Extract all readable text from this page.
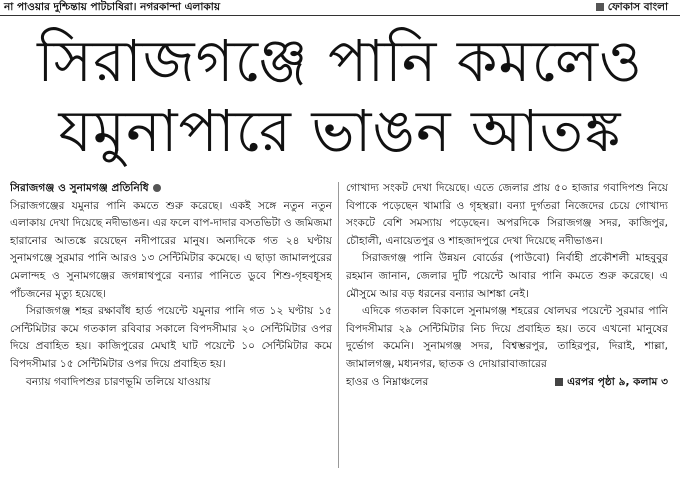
না পাওয়ার দুশ্চিন্তায় পাটচাষিরা। নগরকান্দা এলাকায়	ফোকাস বাংলা
সিরাজগঞ্জে পানি কমলেও
যমুনাপারে ভাঙন আতঙ্ক

সিরাজগঞ্জ ও সুনামগঞ্জ প্রতিনিধি

সিরাজগঞ্জের যমুনার পানি কমতে শুরু করেছে। একই সঙ্গে নতুন নতুন এলাকায় দেখা দিয়েছে নদীভাঙন। এর ফলে বাপ-দাদার বসতভিটা ও জমিজমা হারানোর আতঙ্কে রয়েছেন নদীপারের মানুষ। অন্যদিকে গত ২৪ ঘণ্টায় সুনামগঞ্জে সুরমার পানি আরও ১৩ সেন্টিমিটার কমেছে। এ ছাড়া জামালপুরের মেলান্দহ ও সুনামগঞ্জের জগন্নাথপুরে বন্যার পানিতে ডুবে শিশু-গৃহবধূসহ পাঁচজনের মৃত্যু হয়েছে।

সিরাজগঞ্জ শহর রক্ষাবাঁধ হার্ড পয়েন্টে যমুনার পানি গত ১২ ঘণ্টায় ১৫ সেন্টিমিটার কমে গতকাল রবিবার সকালে বিপদসীমার ২০ সেন্টিমিটার ওপর দিয়ে প্রবাহিত হয়। কাজিপুরের মেঘাই ঘাট পয়েন্টে ১০ সেন্টিমিটার কমে বিপদসীমার ১৫ সেন্টিমিটার ওপর দিয়ে প্রবাহিত হয়।

বন্যায় গবাদিপশুর চারণভূমি তলিয়ে যাওয়ায়

গোখাদ্য সংকট দেখা দিয়েছে। এতে জেলার প্রায় ৫০ হাজার গবাদিপশু নিয়ে বিপাকে পড়েছেন খামারি ও গৃহস্থরা। বন্যা দুর্গতরা নিজেদের চেয়ে গোখাদ্য সংকটে বেশি সমস্যায় পড়েছেন। অপরদিকে সিরাজগঞ্জ সদর, কাজিপুর, চৌহালী, এনায়েতপুর ও শাহজাদপুরে দেখা দিয়েছে নদীভাঙন।

সিরাজগঞ্জ পানি উন্নয়ন বোর্ডের (পাউবো) নির্বাহী প্রকৌশলী মাহবুবুর রহমান জানান, জেলার দুটি পয়েন্টে আবার পানি কমতে শুরু করেছে। এ মৌসুমে আর বড় ধরনের বন্যার আশঙ্কা নেই।

এদিকে গতকাল বিকালে সুনামগঞ্জ শহরের ষোলঘর পয়েন্টে সুরমার পানি বিপদসীমার ২৯ সেন্টিমিটার নিচ দিয়ে প্রবাহিত হয়। তবে এখনো মানুষের দুর্ভোগ কমেনি। সুনামগঞ্জ সদর, বিশ্বম্ভরপুর, তাহিরপুর, দিরাই, শাল্লা, জামালগঞ্জ, মধ্যনগর, ছাতক ও দোয়ারাবাজারের

হাওর ও নিম্নাঞ্চলের	এরপর পৃষ্ঠা ৯, কলাম ৩
